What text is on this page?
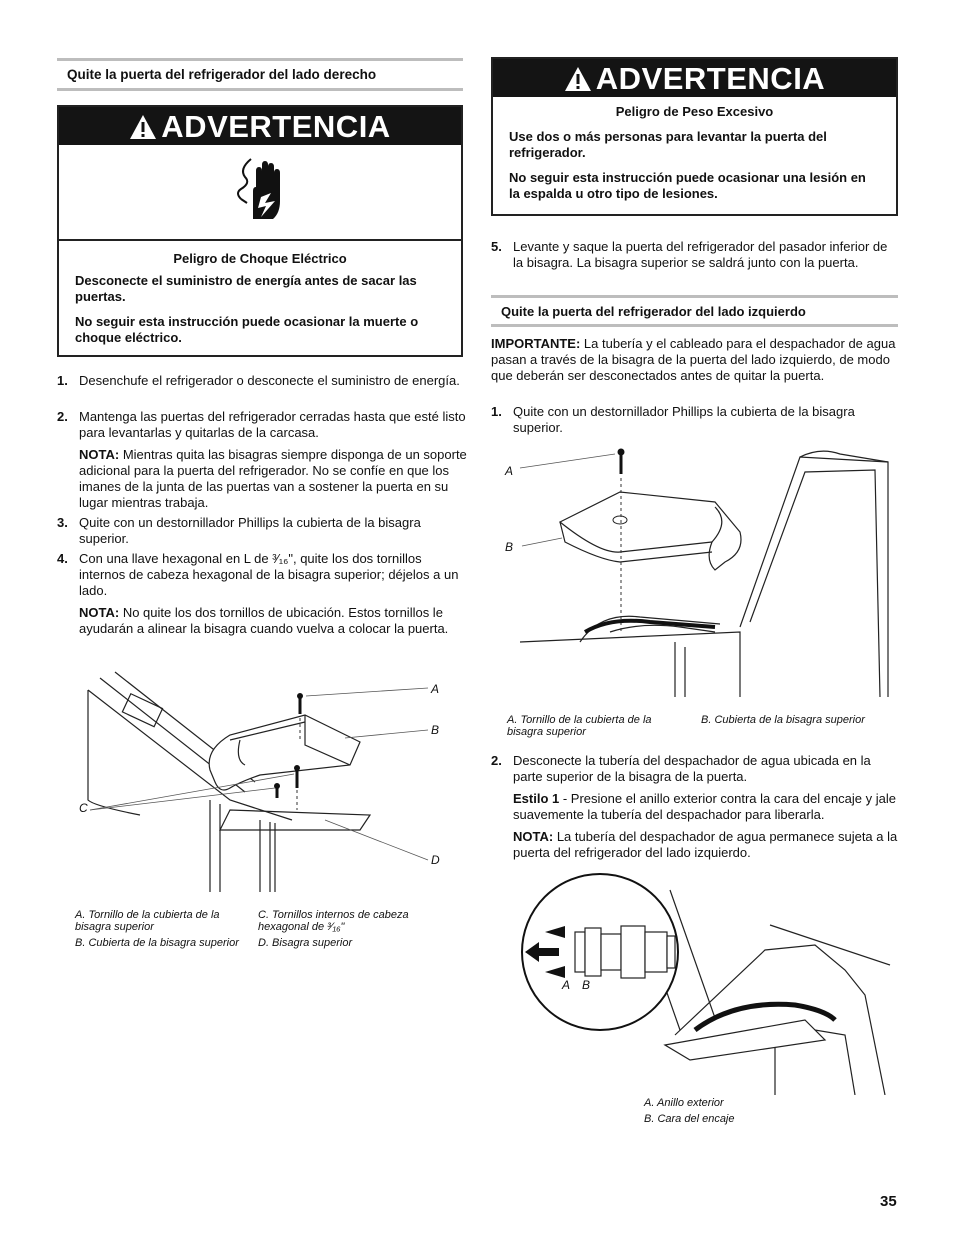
Quite la puerta del refrigerador del lado derecho
ADVERTENCIA
Peligro de Choque Eléctrico

Desconecte el suministro de energía antes de sacar las puertas.

No seguir esta instrucción puede ocasionar la muerte o choque eléctrico.

1. Desenchufe el refrigerador o desconecte el suministro de energía.
2. Mantenga las puertas del refrigerador cerradas hasta que esté listo para levantarlas y quitarlas de la carcasa.
NOTA: Mientras quita las bisagras siempre disponga de un soporte adicional para la puerta del refrigerador. No se confíe en que los imanes de la junta de las puertas van a sostener la puerta en su lugar mientras trabaja.
3. Quite con un destornillador Phillips la cubierta de la bisagra superior.
4. Con una llave hexagonal en L de ³⁄₁₆", quite los dos tornillos internos de cabeza hexagonal de la bisagra superior; déjelos a un lado.
NOTA: No quite los dos tornillos de ubicación. Estos tornillos le ayudarán a alinear la bisagra cuando vuelva a colocar la puerta.
A
B
C
D
A. Tornillo de la cubierta de la bisagra superior
B. Cubierta de la bisagra superior
C. Tornillos internos de cabeza hexagonal de ³⁄₁₆"
D. Bisagra superior
ADVERTENCIA
Peligro de Peso Excesivo

Use dos o más personas para levantar la puerta del refrigerador.

No seguir esta instrucción puede ocasionar una lesión en la espalda u otro tipo de lesiones.

5. Levante y saque la puerta del refrigerador del pasador inferior de la bisagra. La bisagra superior se saldrá junto con la puerta.
Quite la puerta del refrigerador del lado izquierdo
IMPORTANTE: La tubería y el cableado para el despachador de agua pasan a través de la bisagra de la puerta del lado izquierdo, de modo que deberán ser desconectados antes de quitar la puerta.
1. Quite con un destornillador Phillips la cubierta de la bisagra superior.
A
B
A. Tornillo de la cubierta de la bisagra superior
B. Cubierta de la bisagra superior
2. Desconecte la tubería del despachador de agua ubicada en la parte superior de la bisagra de la puerta.
Estilo 1 - Presione el anillo exterior contra la cara del encaje y jale suavemente la tubería del despachador para liberarla.
NOTA: La tubería del despachador de agua permanece sujeta a la puerta del refrigerador del lado izquierdo.
A B
A. Anillo exterior
B. Cara del encaje
35
